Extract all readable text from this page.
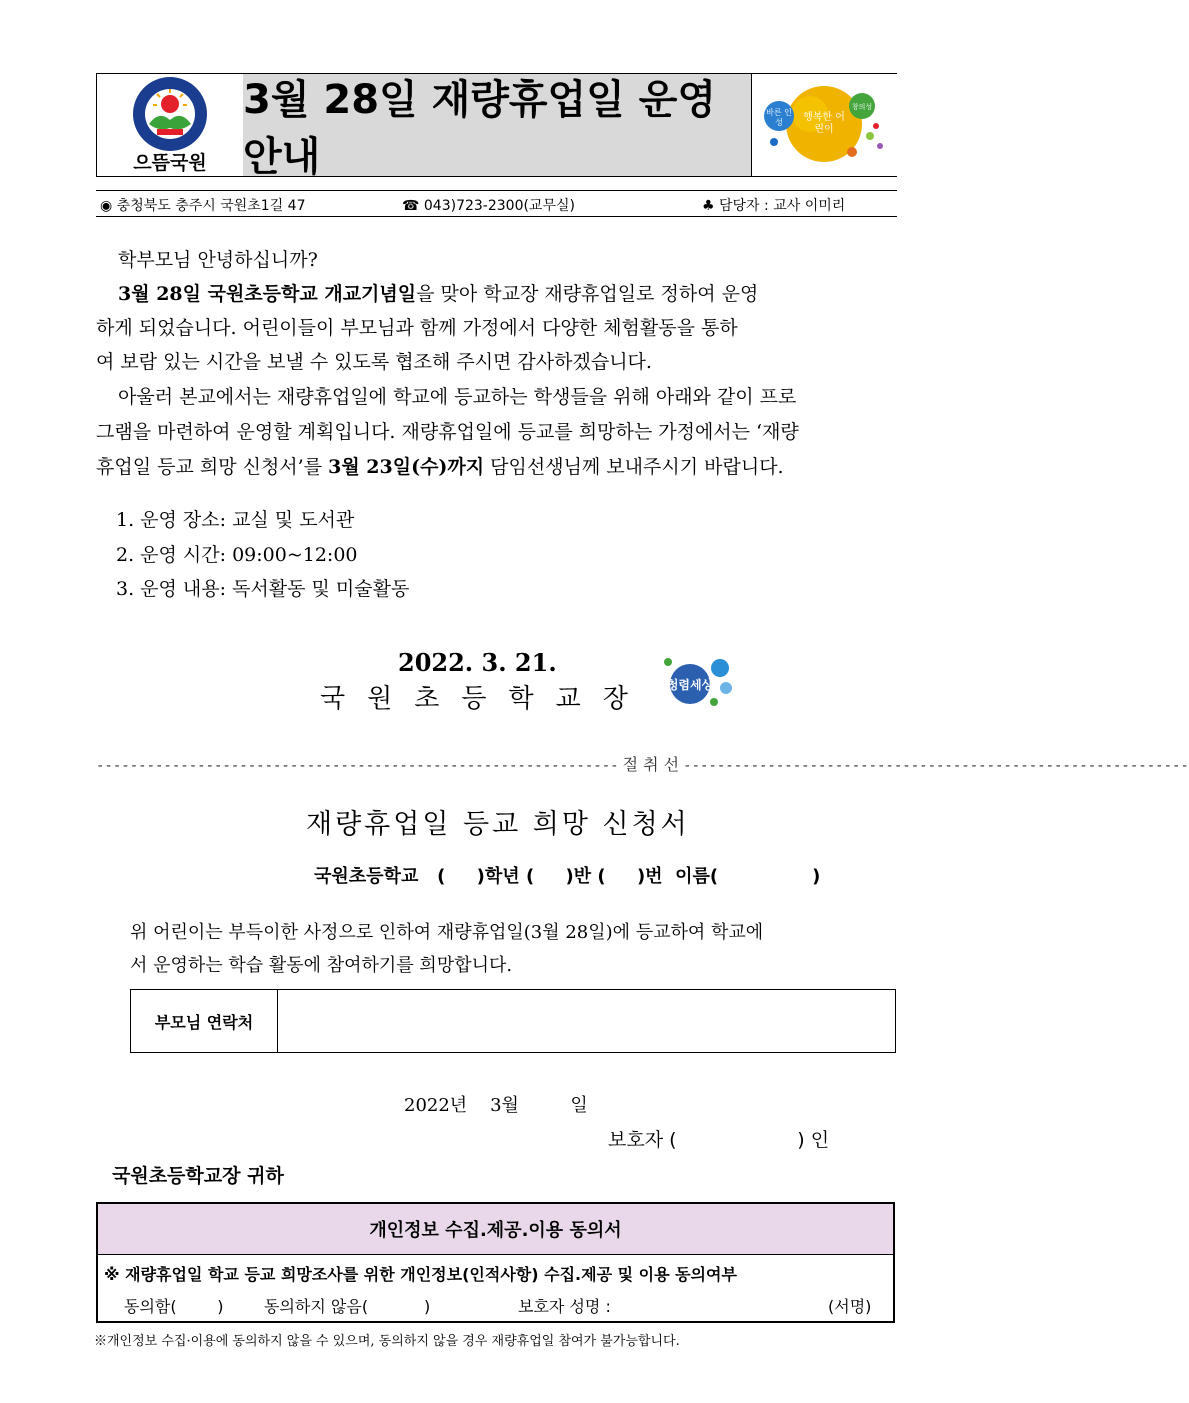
으뜸국원
3월 28일 재량휴업일 운영 안내
바른 인성	행복한 어린이
창의성
◉ 충청북도 충주시 국원초1길 47	☎ 043)723-2300(교무실)	♣ 담당자 : 교사 이미리
학부모님 안녕하십니까?
3월 28일 국원초등학교 개교기념일을 맞아 학교장 재량휴업일로 정하여 운영
하게 되었습니다. 어린이들이 부모님과 함께 가정에서 다양한 체험활동을 통하
여 보람 있는 시간을 보낼 수 있도록 협조해 주시면 감사하겠습니다.
아울러 본교에서는 재량휴업일에 학교에 등교하는 학생들을 위해 아래와 같이 프로
그램을 마련하여 운영할 계획입니다. 재량휴업일에 등교를 희망하는 가정에서는 ‘재량
휴업일 등교 희망 신청서’를 3월 23일(수)까지 담임선생님께 보내주시기 바랍니다.
1. 운영 장소: 교실 및 도서관
2. 운영 시간: 09:00~12:00
3. 운영 내용: 독서활동 및 미술활동
2022. 3. 21.
국원초등학교장 청렴세상
-------------------------------------------------------------- 절 취 선 ------------------------------------------------------------
재량휴업일 등교 희망 신청서
국원초등학교   (     )학년 (     )반 (     )번  이름(               )
위 어린이는 부득이한 사정으로 인하여 재량휴업일(3월 28일)에 등교하여 학교에
서 운영하는 학습 활동에 참여하기를 희망합니다.
부모님 연락처
2022년    3월         일
보호자 (                    ) 인
국원초등학교장 귀하
개인정보 수집.제공.이용 동의서
※ 재량휴업일 학교 등교 희망조사를 위한 개인정보(인적사항) 수집.제공 및 이용 동의여부
동의함(        )	동의하지 않음(           )	보호자 성명 :	(서명)
※개인정보 수집·이용에 동의하지 않을 수 있으며, 동의하지 않을 경우 재량휴업일 참여가 불가능합니다.
